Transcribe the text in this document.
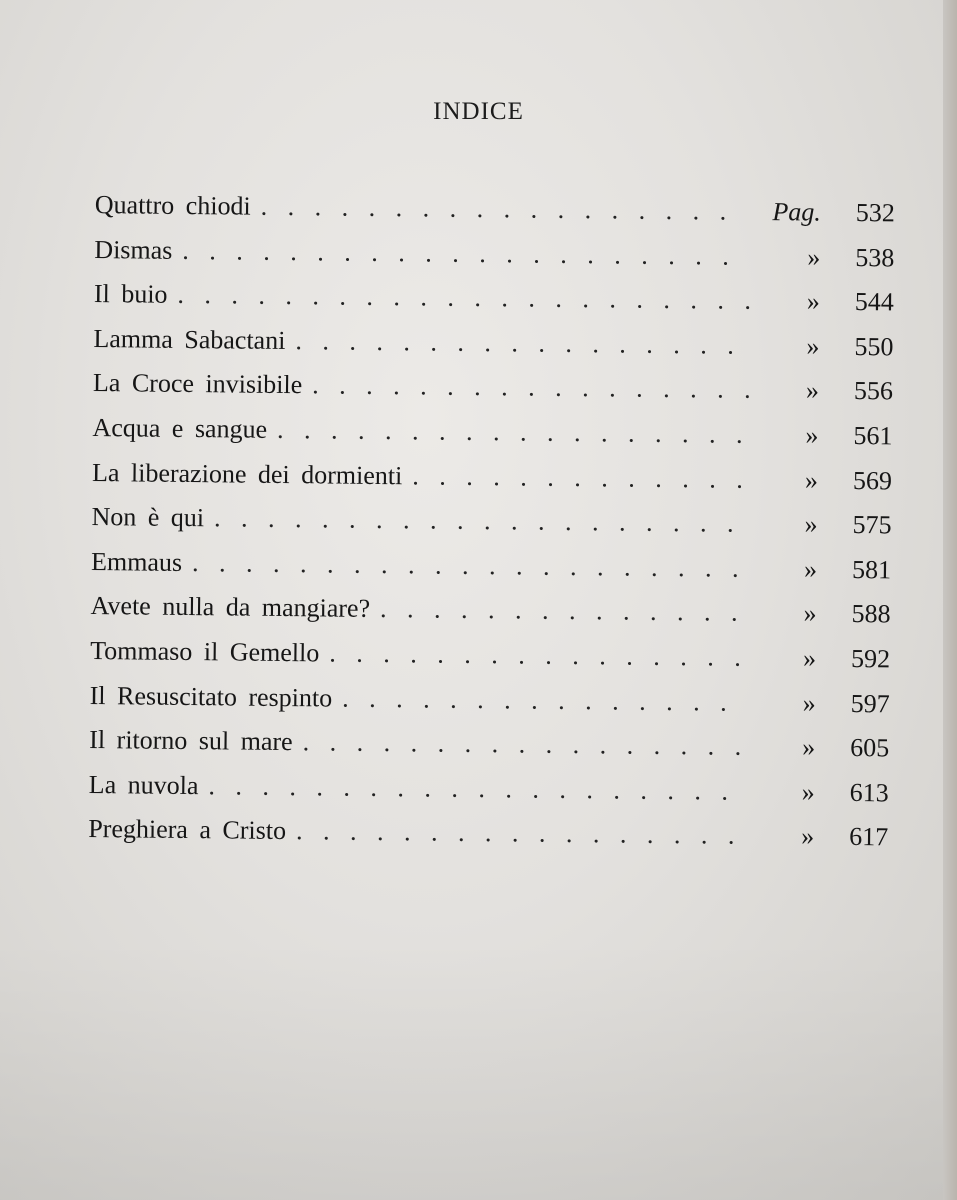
INDICE
Quattro chiodi . . .	Pag.	532
Dismas . . .	»	538
Il buio . . .	»	544
Lamma Sabactani . . .	»	550
La Croce invisibile . . .	»	556
Acqua e sangue . . .	»	561
La liberazione dei dormienti . . .	»	569
Non è qui . . .	»	575
Emmaus . . .	»	581
Avete nulla da mangiare? . . .	»	588
Tommaso il Gemello . . .	»	592
Il Resuscitato respinto . . .	»	597
Il ritorno sul mare . . .	»	605
La nuvola . . .	»	613
Preghiera a Cristo . . .	»	617
